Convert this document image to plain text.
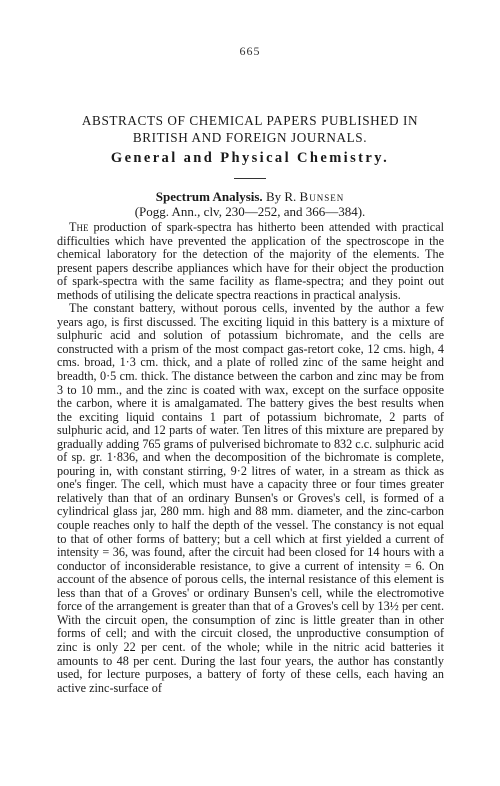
665
ABSTRACTS OF CHEMICAL PAPERS PUBLISHED IN BRITISH AND FOREIGN JOURNALS.
General and Physical Chemistry.
Spectrum Analysis. By R. Bunsen
(Pogg. Ann., clv, 230—252, and 366—384).

The production of spark-spectra has hitherto been attended with practical difficulties which have prevented the application of the spectroscope in the chemical laboratory for the detection of the majority of the elements. The present papers describe appliances which have for their object the production of spark-spectra with the same facility as flame-spectra; and they point out methods of utilising the delicate spectra reactions in practical analysis.

The constant battery, without porous cells, invented by the author a few years ago, is first discussed. The exciting liquid in this battery is a mixture of sulphuric acid and solution of potassium bichromate, and the cells are constructed with a prism of the most compact gas-retort coke, 12 cms. high, 4 cms. broad, 1·3 cm. thick, and a plate of rolled zinc of the same height and breadth, 0·5 cm. thick. The distance between the carbon and zinc may be from 3 to 10 mm., and the zinc is coated with wax, except on the surface opposite the carbon, where it is amalgamated. The battery gives the best results when the exciting liquid contains 1 part of potassium bichromate, 2 parts of sulphuric acid, and 12 parts of water. Ten litres of this mixture are prepared by gradually adding 765 grams of pulverised bichromate to 832 c.c. sulphuric acid of sp. gr. 1·836, and when the decomposition of the bichromate is complete, pouring in, with constant stirring, 9·2 litres of water, in a stream as thick as one's finger. The cell, which must have a capacity three or four times greater relatively than that of an ordinary Bunsen's or Groves's cell, is formed of a cylindrical glass jar, 280 mm. high and 88 mm. diameter, and the zinc-carbon couple reaches only to half the depth of the vessel. The constancy is not equal to that of other forms of battery; but a cell which at first yielded a current of intensity = 36, was found, after the circuit had been closed for 14 hours with a conductor of inconsiderable resistance, to give a current of intensity = 6. On account of the absence of porous cells, the internal resistance of this element is less than that of a Groves' or ordinary Bunsen's cell, while the electromotive force of the arrangement is greater than that of a Groves's cell by 13½ per cent. With the circuit open, the consumption of zinc is little greater than in other forms of cell; and with the circuit closed, the unproductive consumption of zinc is only 22 per cent. of the whole; while in the nitric acid batteries it amounts to 48 per cent. During the last four years, the author has constantly used, for lecture purposes, a battery of forty of these cells, each having an active zinc-surface of
